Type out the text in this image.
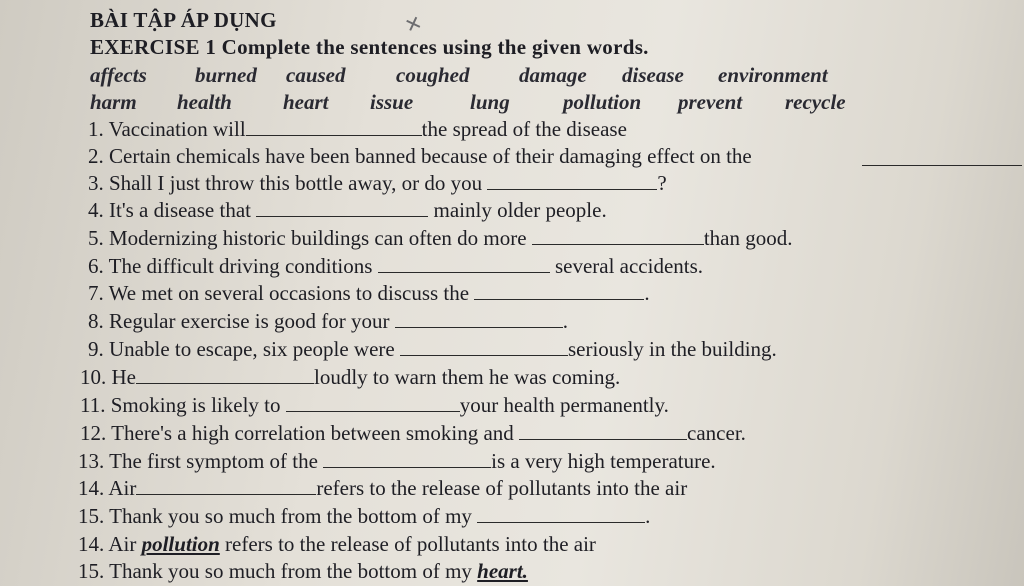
BÀI TẬP ÁP DỤNG	✕
EXERCISE 1 Complete the sentences using the given words.
affects burned caused coughed damage disease environment
harm health heart issue	lung	pollution prevent recycle
1. Vaccination will	the spread of the disease
2. Certain chemicals have been banned because of their damaging effect on the
3. Shall I just throw this bottle away, or do you	?
4. It's a disease that	mainly older people.
5. Modernizing historic buildings can often do more	than good.
6. The difficult driving conditions	several accidents.
7. We met on several occasions to discuss the	.
8. Regular exercise is good for your	.
9. Unable to escape, six people were	seriously in the building.
10. He	loudly to warn them he was coming.
11. Smoking is likely to	your health permanently.
12. There's a high correlation between smoking and	cancer.
13. The first symptom of the	is a very high temperature.
14. Air	refers to the release of pollutants into the air
15. Thank you so much from the bottom of my	.
14. Air pollution refers to the release of pollutants into the air
15. Thank you so much from the bottom of my heart.
